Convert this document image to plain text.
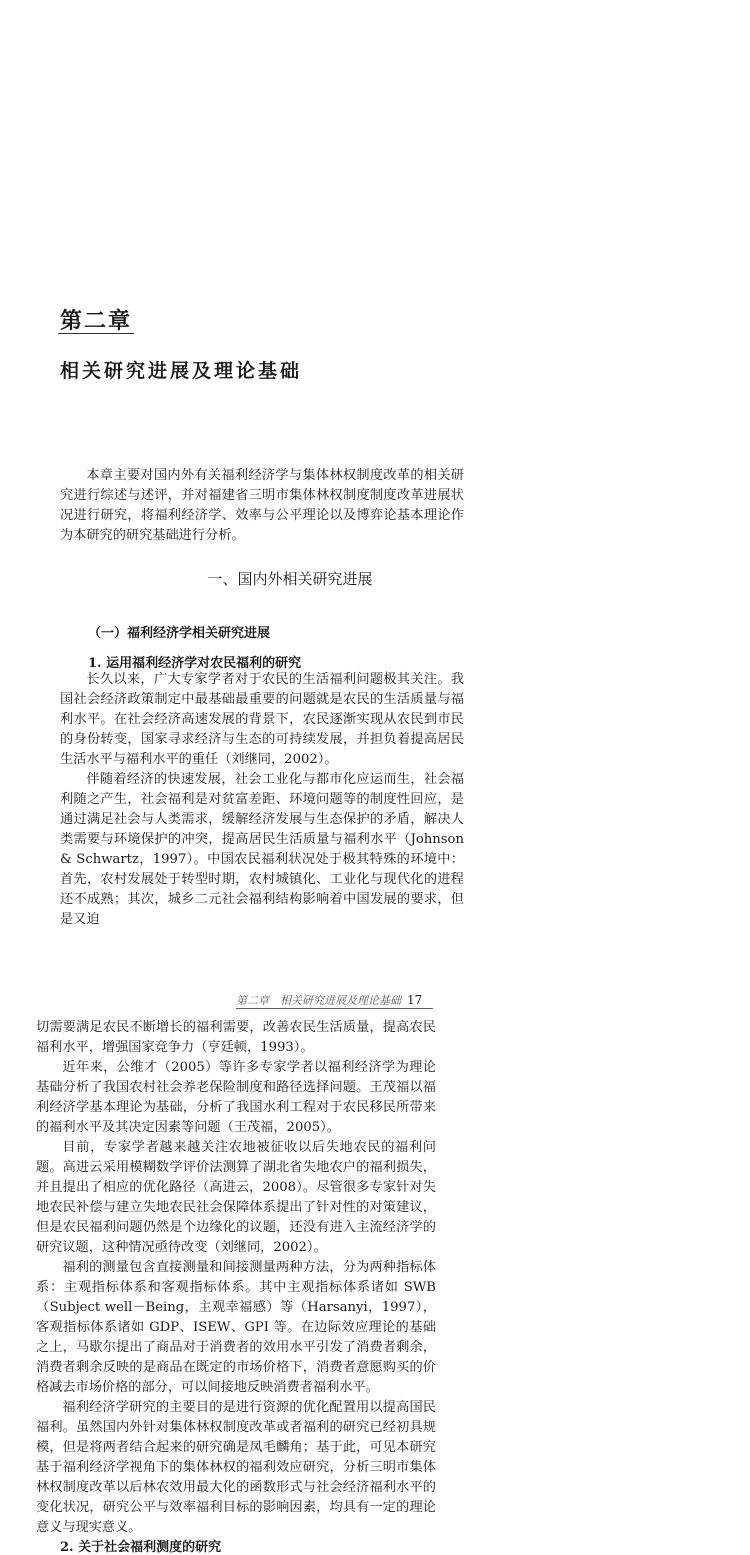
第二章
相关研究进展及理论基础

本章主要对国内外有关福利经济学与集体林权制度改革的相关研究进行综述与述评，并对福建省三明市集体林权制度制度改革进展状况进行研究，将福利经济学、效率与公平理论以及博弈论基本理论作为本研究的研究基础进行分析。

一、国内外相关研究进展
（一）福利经济学相关研究进展
1. 运用福利经济学对农民福利的研究

长久以来，广大专家学者对于农民的生活福利问题极其关注。我国社会经济政策制定中最基础最重要的问题就是农民的生活质量与福利水平。在社会经济高速发展的背景下，农民逐渐实现从农民到市民的身份转变，国家寻求经济与生态的可持续发展，并担负着提高居民生活水平与福利水平的重任（刘继同，2002）。

伴随着经济的快速发展，社会工业化与都市化应运而生，社会福利随之产生，社会福利是对贫富差距、环境问题等的制度性回应，是通过满足社会与人类需求，缓解经济发展与生态保护的矛盾，解决人类需要与环境保护的冲突，提高居民生活质量与福利水平（Johnson & Schwartz，1997）。中国农民福利状况处于极其特殊的环境中：首先，农村发展处于转型时期，农村城镇化、工业化与现代化的进程还不成熟；其次，城乡二元社会福利结构影响着中国发展的要求，但是又迫

第二章　相关研究进展及理论基础 17

切需要满足农民不断增长的福利需要，改善农民生活质量，提高农民福利水平，增强国家竞争力（亨廷顿，1993）。

近年来，公维才（2005）等许多专家学者以福利经济学为理论基础分析了我国农村社会养老保险制度和路径选择问题。王茂福以福利经济学基本理论为基础，分析了我国水利工程对于农民移民所带来的福利水平及其决定因素等问题（王茂福，2005）。

目前，专家学者越来越关注农地被征收以后失地农民的福利问题。高进云采用模糊数学评价法测算了湖北省失地农户的福利损失，并且提出了相应的优化路径（高进云，2008）。尽管很多专家针对失地农民补偿与建立失地农民社会保障体系提出了针对性的对策建议，但是农民福利问题仍然是个边缘化的议题，还没有进入主流经济学的研究议题，这种情况亟待改变（刘继同，2002）。

福利的测量包含直接测量和间接测量两种方法，分为两种指标体系：主观指标体系和客观指标体系。其中主观指标体系诸如 SWB（Subject well－Being，主观幸福感）等（Harsanyi，1997），客观指标体系诸如 GDP、ISEW、GPI 等。在边际效应理论的基础之上，马歇尔提出了商品对于消费者的效用水平引发了消费者剩余，消费者剩余反映的是商品在既定的市场价格下，消费者意愿购买的价格减去市场价格的部分，可以间接地反映消费者福利水平。

福利经济学研究的主要目的是进行资源的优化配置用以提高国民福利。虽然国内外针对集体林权制度改革或者福利的研究已经初具规模，但是将两者结合起来的研究确是凤毛麟角；基于此，可见本研究基于福利经济学视角下的集体林权的福利效应研究，分析三明市集体林权制度改革以后林农效用最大化的函数形式与社会经济福利水平的变化状况，研究公平与效率福利目标的影响因素，均具有一定的理论意义与现实意义。

2. 关于社会福利测度的研究
